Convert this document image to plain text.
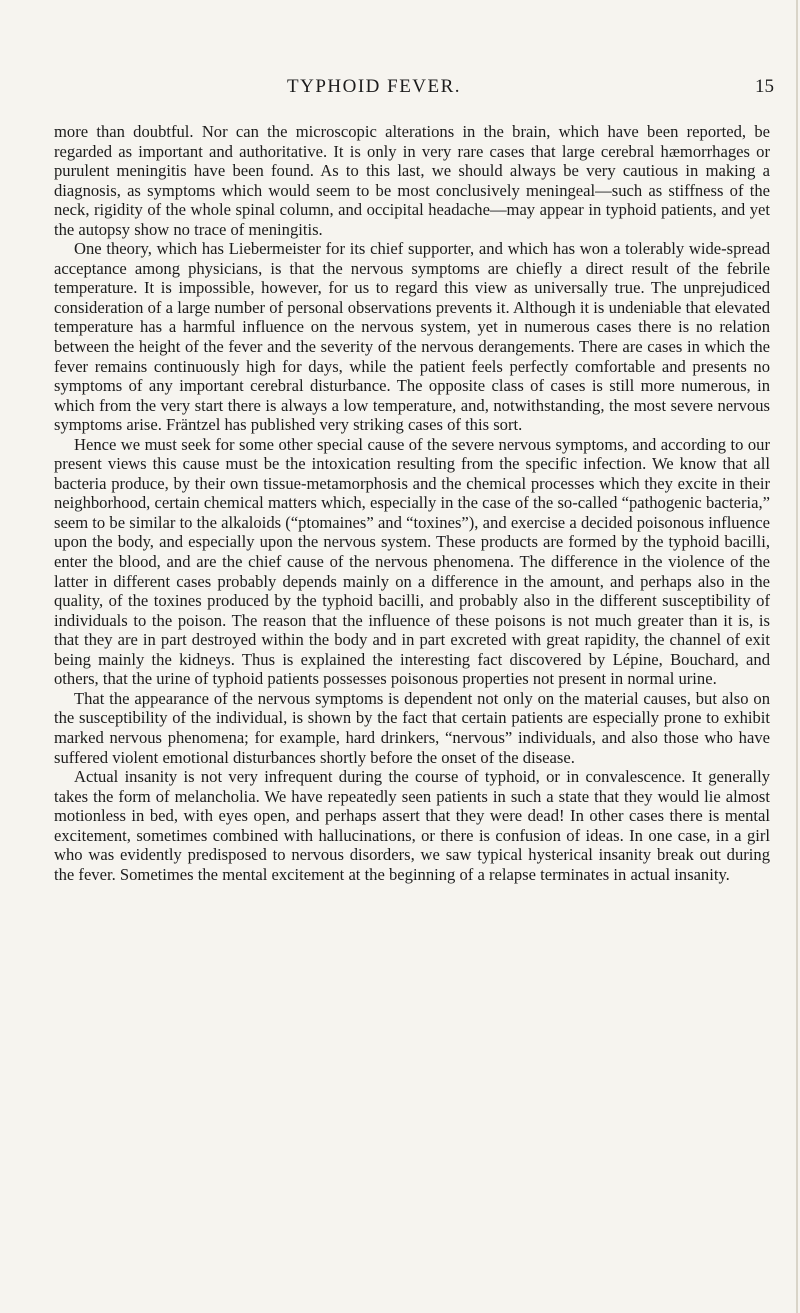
TYPHOID FEVER.	15

more than doubtful. Nor can the microscopic alterations in the brain, which have been reported, be regarded as important and authoritative. It is only in very rare cases that large cerebral hæmorrhages or purulent meningitis have been found. As to this last, we should always be very cautious in making a diagnosis, as symptoms which would seem to be most conclusively meningeal—such as stiffness of the neck, rigidity of the whole spinal column, and occipital headache—may appear in typhoid patients, and yet the autopsy show no trace of meningitis.

One theory, which has Liebermeister for its chief supporter, and which has won a tolerably wide-spread acceptance among physicians, is that the nervous symptoms are chiefly a direct result of the febrile temperature. It is impossible, however, for us to regard this view as universally true. The unprejudiced consideration of a large number of personal observations prevents it. Although it is undeniable that elevated temperature has a harmful influence on the nervous system, yet in numerous cases there is no relation between the height of the fever and the severity of the nervous derangements. There are cases in which the fever remains continuously high for days, while the patient feels perfectly comfortable and presents no symptoms of any important cerebral disturbance. The opposite class of cases is still more numerous, in which from the very start there is always a low temperature, and, notwithstanding, the most severe nervous symptoms arise. Fräntzel has published very striking cases of this sort.

Hence we must seek for some other special cause of the severe nervous symptoms, and according to our present views this cause must be the intoxication resulting from the specific infection. We know that all bacteria produce, by their own tissue-metamorphosis and the chemical processes which they excite in their neighborhood, certain chemical matters which, especially in the case of the so-called “pathogenic bacteria,” seem to be similar to the alkaloids (“ptomaines” and “toxines”), and exercise a decided poisonous influence upon the body, and especially upon the nervous system. These products are formed by the typhoid bacilli, enter the blood, and are the chief cause of the nervous phenomena. The difference in the violence of the latter in different cases probably depends mainly on a difference in the amount, and perhaps also in the quality, of the toxines produced by the typhoid bacilli, and probably also in the different susceptibility of individuals to the poison. The reason that the influence of these poisons is not much greater than it is, is that they are in part destroyed within the body and in part excreted with great rapidity, the channel of exit being mainly the kidneys. Thus is explained the interesting fact discovered by Lépine, Bouchard, and others, that the urine of typhoid patients possesses poisonous properties not present in normal urine.

That the appearance of the nervous symptoms is dependent not only on the material causes, but also on the susceptibility of the individual, is shown by the fact that certain patients are especially prone to exhibit marked nervous phenomena; for example, hard drinkers, “nervous” individuals, and also those who have suffered violent emotional disturbances shortly before the onset of the disease.

Actual insanity is not very infrequent during the course of typhoid, or in convalescence. It generally takes the form of melancholia. We have repeatedly seen patients in such a state that they would lie almost motionless in bed, with eyes open, and perhaps assert that they were dead! In other cases there is mental excitement, sometimes combined with hallucinations, or there is confusion of ideas. In one case, in a girl who was evidently predisposed to nervous disorders, we saw typical hysterical insanity break out during the fever. Sometimes the mental excitement at the beginning of a relapse terminates in actual insanity.
